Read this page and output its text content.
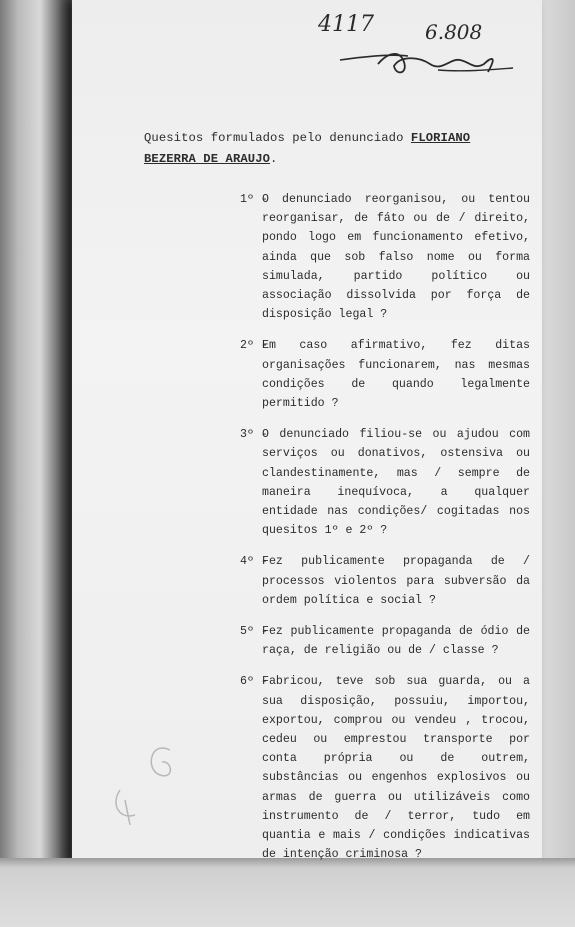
4117	6.808
Quesitos formulados pelo denunciado FLORIANO BEZERRA DE ARAUJO.
1º -
O denunciado reorganisou, ou tentou reorganisar, de fáto ou de / direito, pondo logo em funcionamento efetivo, ainda que sob falso nome ou forma simulada, partido político ou associação dissolvida por força de disposição legal ?
2º -
Em caso afirmativo, fez ditas organisações funcionarem, nas mesmas condições de quando legalmente permitido ?
3º -
O denunciado filiou-se ou ajudou com serviços ou donativos, ostensiva ou clandestinamente, mas / sempre de maneira inequívoca, a qualquer entidade nas condições/ cogitadas nos quesitos 1º e 2º ?
4º -
Fez publicamente propaganda de / processos violentos para subversão da ordem política e social ?
5º -
Fez publicamente propaganda de ódio de raça, de religião ou de / classe ?
6º -
Fabricou, teve sob sua guarda, ou a sua disposição, possuiu, importou, exportou, comprou ou vendeu , trocou, cedeu ou emprestou transporte por conta própria ou de outrem, substâncias ou engenhos explosivos ou armas de guerra ou utilizáveis como instrumento de / terror, tudo em quantia e mais / condições indicativas de intenção criminosa ?
